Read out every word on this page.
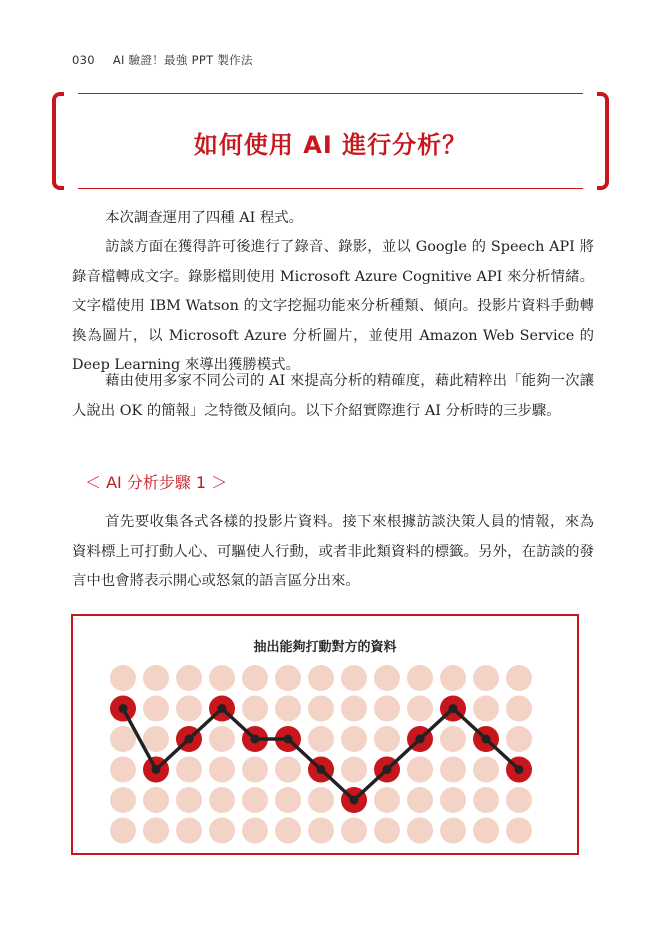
030 AI 驗證！最強 PPT 製作法
如何使用 AI 進行分析？

本次調查運用了四種 AI 程式。

訪談方面在獲得許可後進行了錄音、錄影，並以 Google 的 Speech API 將錄音檔轉成文字。錄影檔則使用 Microsoft Azure Cognitive API 來分析情緒。文字檔使用 IBM Watson 的文字挖掘功能來分析種類、傾向。投影片資料手動轉換為圖片，以 Microsoft Azure 分析圖片，並使用 Amazon Web Service 的 Deep Learning 來導出獲勝模式。

藉由使用多家不同公司的 AI 來提高分析的精確度，藉此精粹出「能夠一次讓人說出 OK 的簡報」之特徵及傾向。以下介紹實際進行 AI 分析時的三步驟。

＜ AI 分析步驟 1 ＞

首先要收集各式各樣的投影片資料。接下來根據訪談決策人員的情報，來為資料標上可打動人心、可驅使人行動，或者非此類資料的標籤。另外，在訪談的發言中也會將表示開心或怒氣的語言區分出來。

抽出能夠打動對方的資料
